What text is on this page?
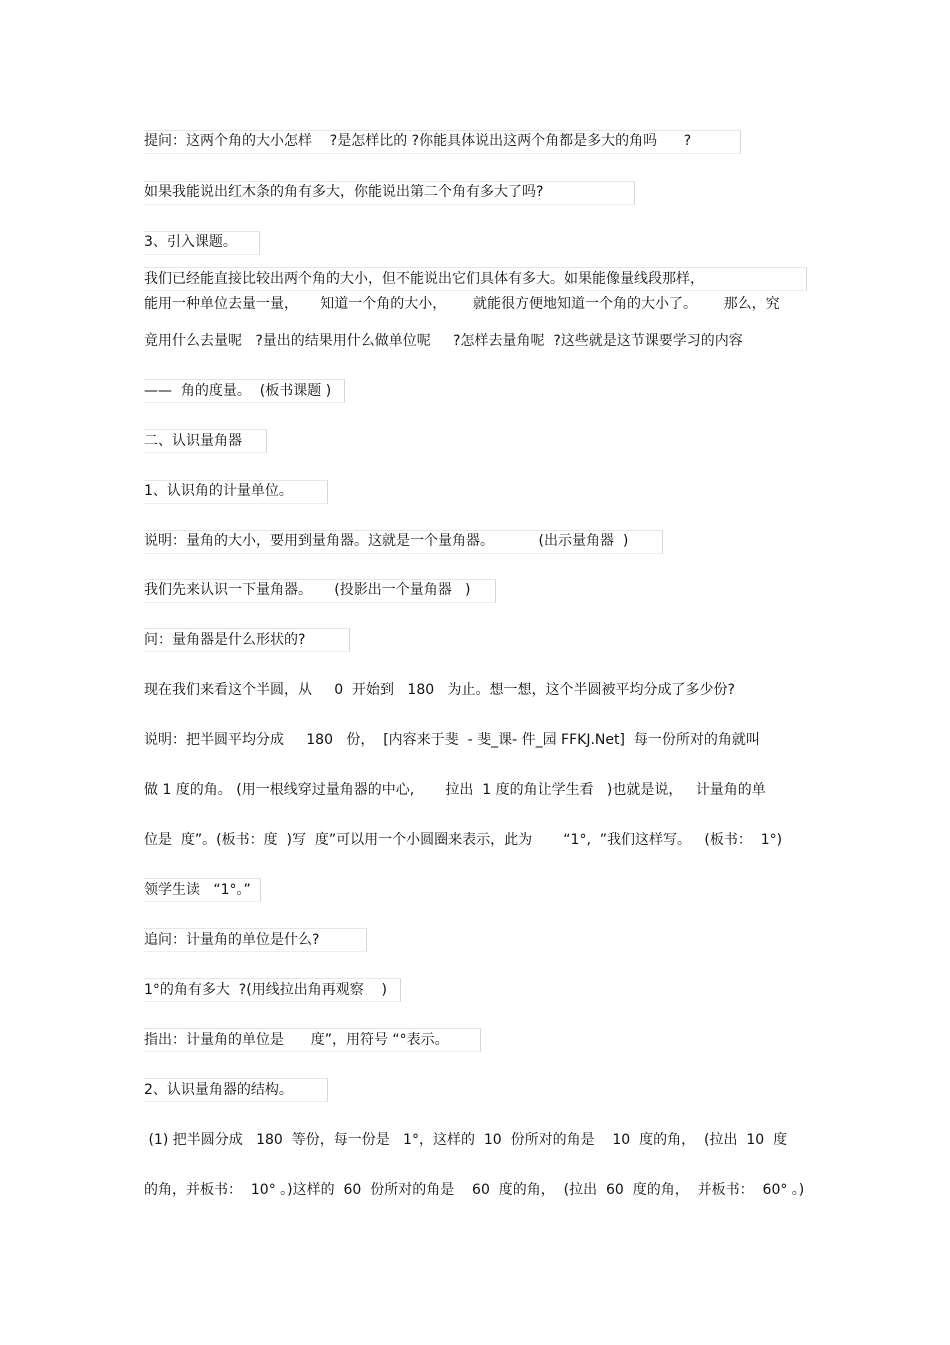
提问：这两个角的大小怎样    ?是怎样比的 ?你能具体说出这两个角都是多大的角吗      ?
如果我能说出红木条的角有多大，你能说出第二个角有多大了吗?
3、引入课题。
我们已经能直接比较出两个角的大小，但不能说出它们具体有多大。如果能像量线段那样，
能用一种单位去量一量，     知道一个角的大小，      就能很方便地知道一个角的大小了。      那么，究
竟用什么去量呢   ?量出的结果用什么做单位呢     ?怎样去量角呢  ?这些就是这节课要学习的内容
——  角的度量。  (板书课题 )
二、认识量角器
1、认识角的计量单位。
说明：量角的大小，要用到量角器。这就是一个量角器。          (出示量角器  )
我们先来认识一下量角器。     (投影出一个量角器   )
问：量角器是什么形状的?
现在我们来看这个半圆，从     0  开始到   180   为止。想一想，这个半圆被平均分成了多少份?
说明：把半圆平均分成     180   份，  [内容来于斐  - 斐_课- 件_园 FFKJ.Net]  每一份所对的角就叫
做 1 度的角。 (用一根线穿过量角器的中心,       拉出  1 度的角让学生看   )也就是说，   计量角的单
位是  度”。(板书：度  )写  度”可以用一个小圆圈来表示，此为       “1°,  ”我们这样写。   (板书：  1°)
领学生读   “1°。”
追问：计量角的单位是什么?
1°的角有多大  ?(用线拉出角再观察    )
指出：计量角的单位是      度”，用符号 “°表示。
2、认识量角器的结构。
(1) 把半圆分成   180  等份，每一份是   1°，这样的  10  份所对的角是    10  度的角，  (拉出  10  度
的角，并板书：  10° 。)这样的  60  份所对的角是    60  度的角，  (拉出  60  度的角，  并板书：  60° 。)
